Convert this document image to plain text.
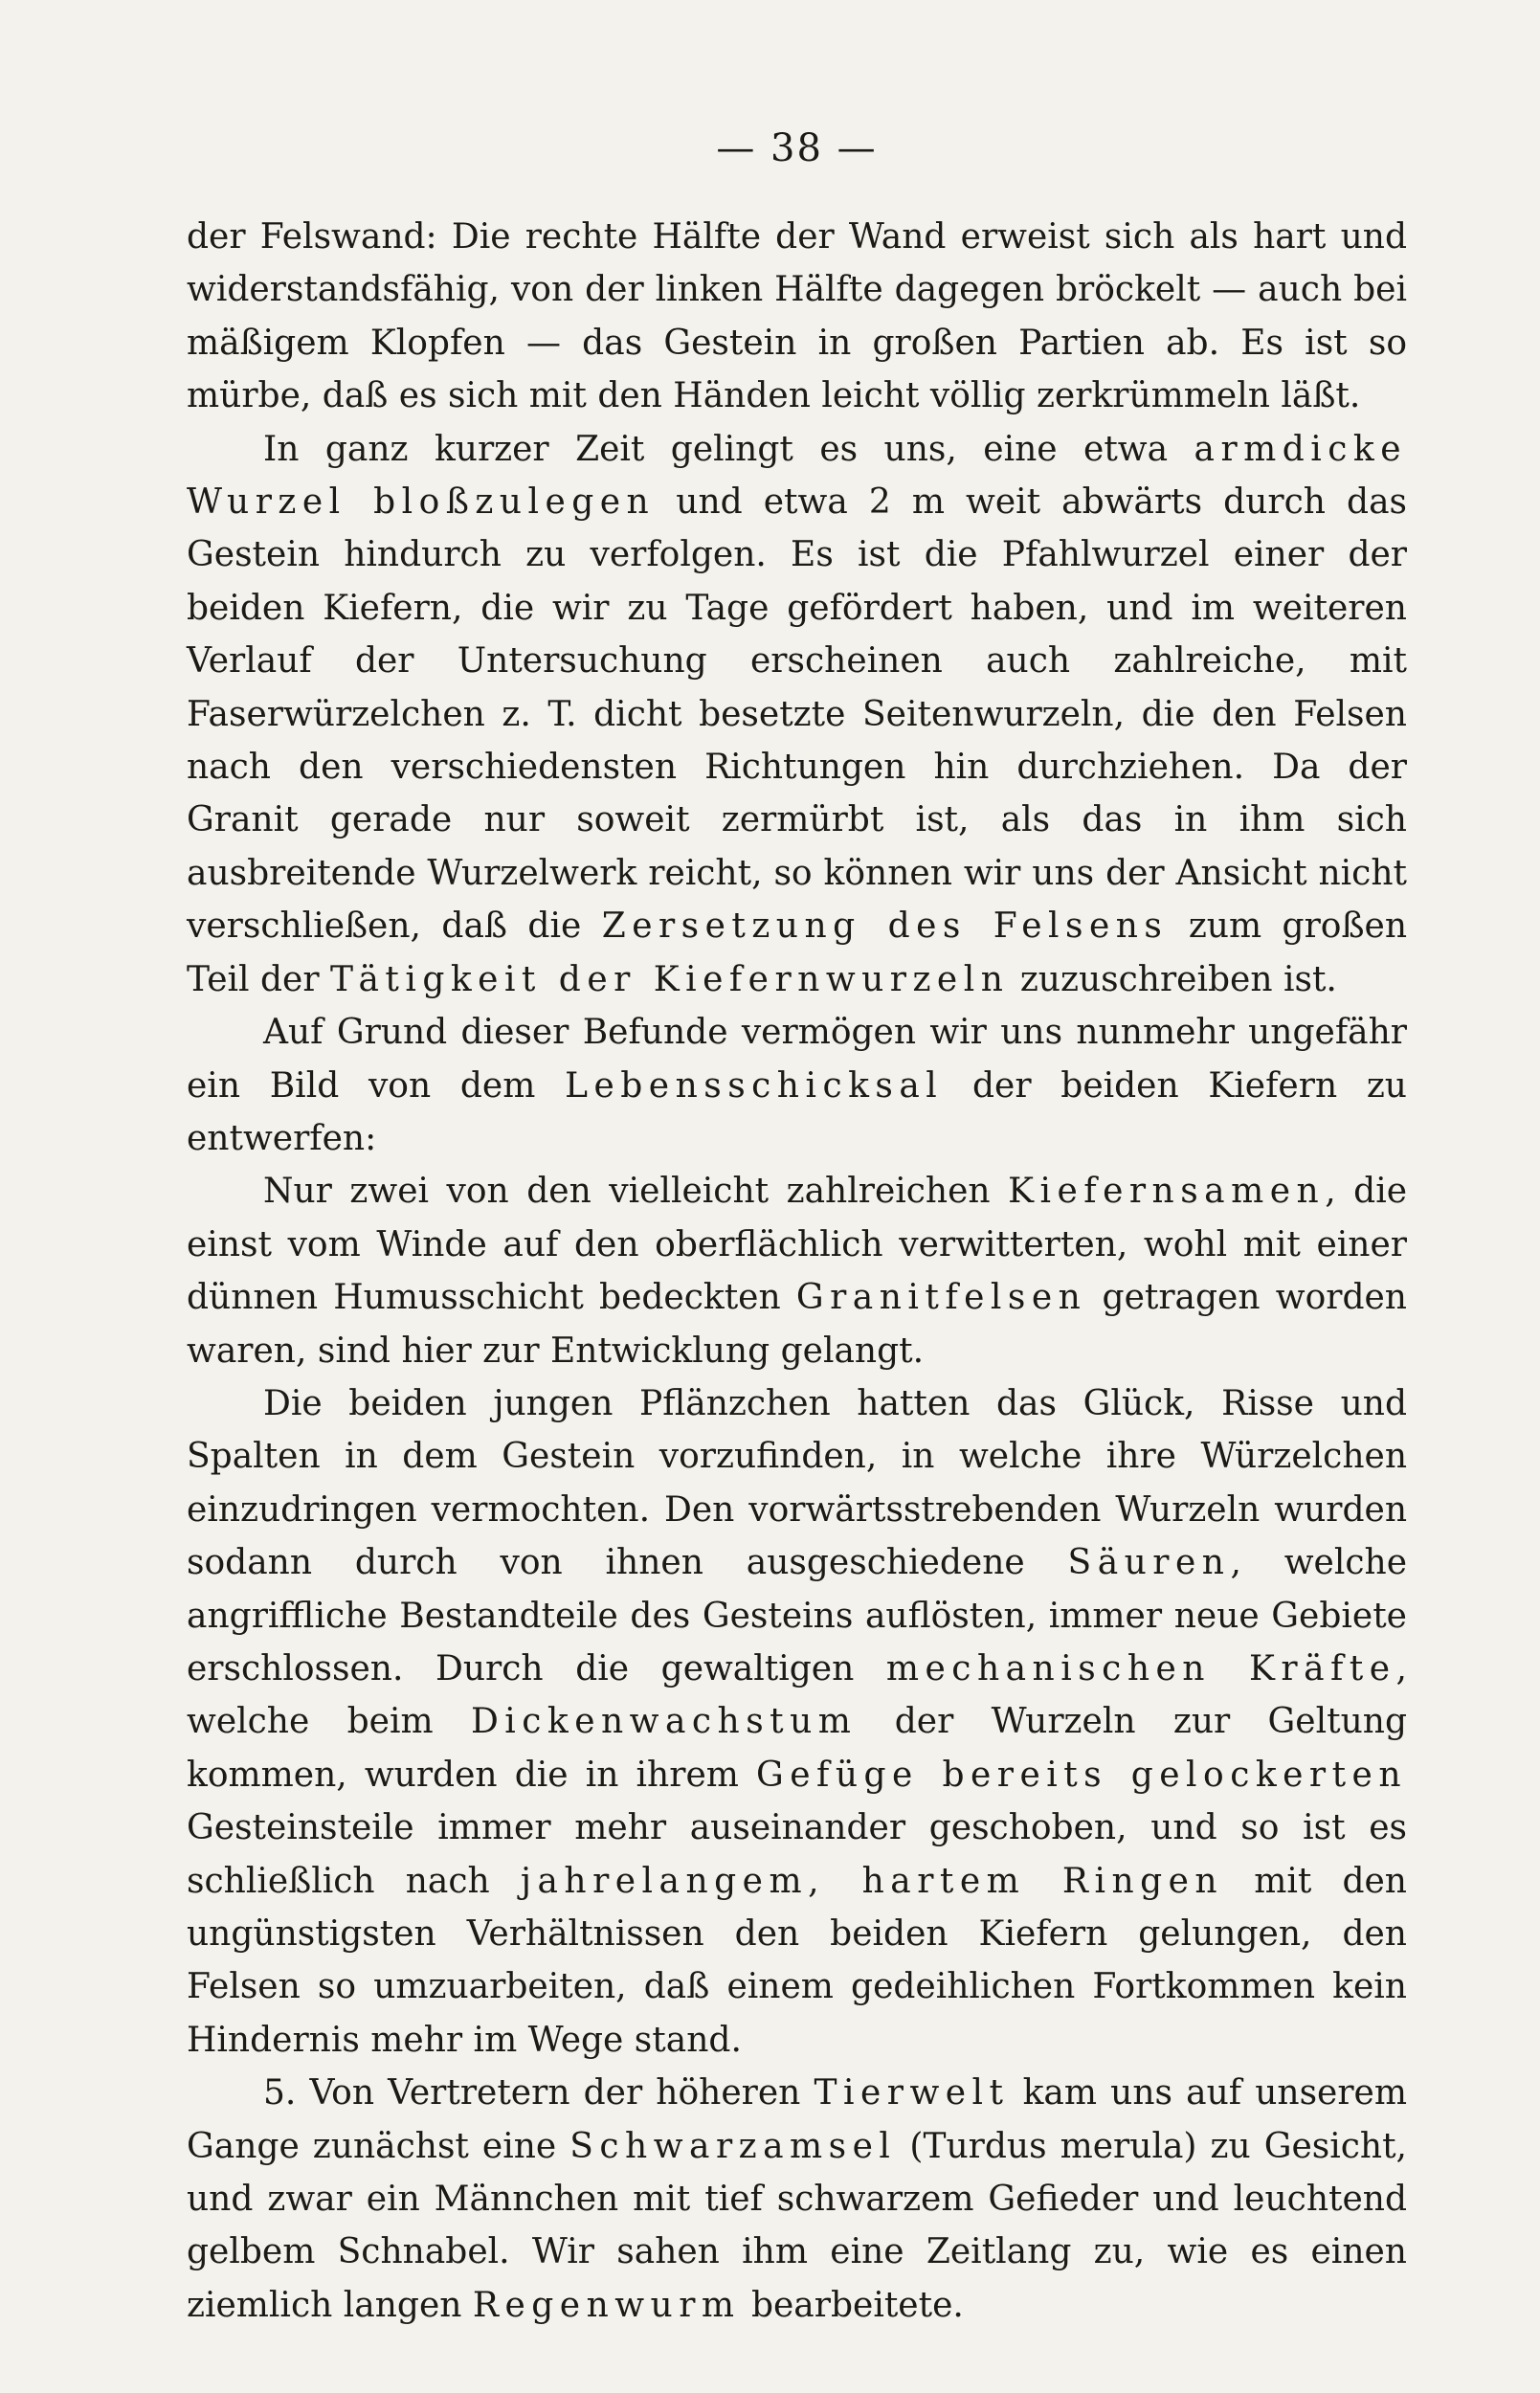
— 38 —

der Felswand: Die rechte Hälfte der Wand erweist sich als hart und widerstandsfähig, von der linken Hälfte dagegen bröckelt — auch bei mäßigem Klopfen — das Gestein in großen Partien ab. Es ist so mürbe, daß es sich mit den Händen leicht völlig zerkrümmeln läßt.

In ganz kurzer Zeit gelingt es uns, eine etwa armdicke Wurzel bloßzulegen und etwa 2 m weit abwärts durch das Gestein hindurch zu verfolgen. Es ist die Pfahlwurzel einer der beiden Kiefern, die wir zu Tage gefördert haben, und im weiteren Verlauf der Untersuchung erscheinen auch zahlreiche, mit Faserwürzelchen z. T. dicht besetzte Seitenwurzeln, die den Felsen nach den verschiedensten Richtungen hin durchziehen. Da der Granit gerade nur soweit zermürbt ist, als das in ihm sich ausbreitende Wurzelwerk reicht, so können wir uns der Ansicht nicht verschließen, daß die Zersetzung des Felsens zum großen Teil der Tätigkeit der Kiefernwurzeln zuzuschreiben ist.

Auf Grund dieser Befunde vermögen wir uns nunmehr ungefähr ein Bild von dem Lebensschicksal der beiden Kiefern zu entwerfen:

Nur zwei von den vielleicht zahlreichen Kiefernsamen, die einst vom Winde auf den oberflächlich verwitterten, wohl mit einer dünnen Humusschicht bedeckten Granitfelsen getragen worden waren, sind hier zur Entwicklung gelangt.

Die beiden jungen Pflänzchen hatten das Glück, Risse und Spalten in dem Gestein vorzufinden, in welche ihre Würzelchen einzudringen vermochten. Den vorwärtsstrebenden Wurzeln wurden sodann durch von ihnen ausgeschiedene Säuren, welche angriffliche Bestandteile des Gesteins auflösten, immer neue Gebiete erschlossen. Durch die gewaltigen mechanischen Kräfte, welche beim Dickenwachstum der Wurzeln zur Geltung kommen, wurden die in ihrem Gefüge bereits gelockerten Gesteinsteile immer mehr auseinander geschoben, und so ist es schließlich nach jahrelangem, hartem Ringen mit den ungünstigsten Verhältnissen den beiden Kiefern gelungen, den Felsen so umzuarbeiten, daß einem gedeihlichen Fortkommen kein Hindernis mehr im Wege stand.

5. Von Vertretern der höheren Tierwelt kam uns auf unserem Gange zunächst eine Schwarzamsel (Turdus merula) zu Gesicht, und zwar ein Männchen mit tief schwarzem Gefieder und leuchtend gelbem Schnabel. Wir sahen ihm eine Zeitlang zu, wie es einen ziemlich langen Regenwurm bearbeitete.
